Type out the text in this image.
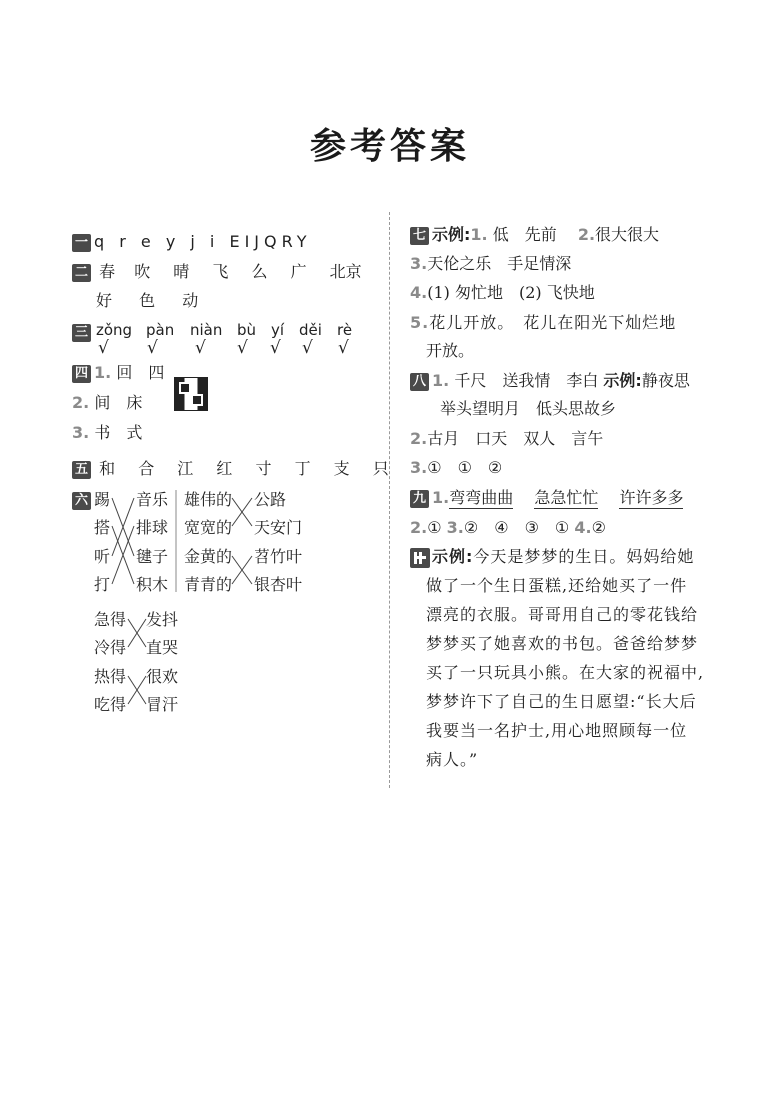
参考答案
一 q r e y j i EIJQRY
二 春 吹 晴 飞 么 广 北京
好 色 动
三 zǒng pàn niàn bù yí děi rè
√ √ √ √ √ √ √
四 1. 回　四
2. 间　床
3. 书　式
五 和 合 江 红 寸 丁 支 只
六 踢
搭
听
打
音乐
排球
毽子
积木
雄伟的
宽宽的
金黄的
青青的
公路
天安门
苕竹叶
银杏叶
急得
冷得
热得
吃得
发抖
直哭
很欢
冒汗
七 示例:1. 低　先前　 2.很大很大
3.天伦之乐　手足情深
4.(1) 匆忙地　(2) 飞快地
5.花儿开放。　花儿在阳光下灿烂地
开放。
八 1. 千尺　送我情　李白 示例:静夜思
举头望明月　低头思故乡
2.古月　口天　双人　言午
3.①　①　②
九 1.弯弯曲曲　 急急忙忙　 许许多多
2.① 3.②　④　③　① 4.②
示例:今天是梦梦的生日。妈妈给她
做了一个生日蛋糕,还给她买了一件
漂亮的衣服。哥哥用自己的零花钱给
梦梦买了她喜欢的书包。爸爸给梦梦
买了一只玩具小熊。在大家的祝福中,
梦梦许下了自己的生日愿望:“长大后
我要当一名护士,用心地照顾每一位
病人。”
